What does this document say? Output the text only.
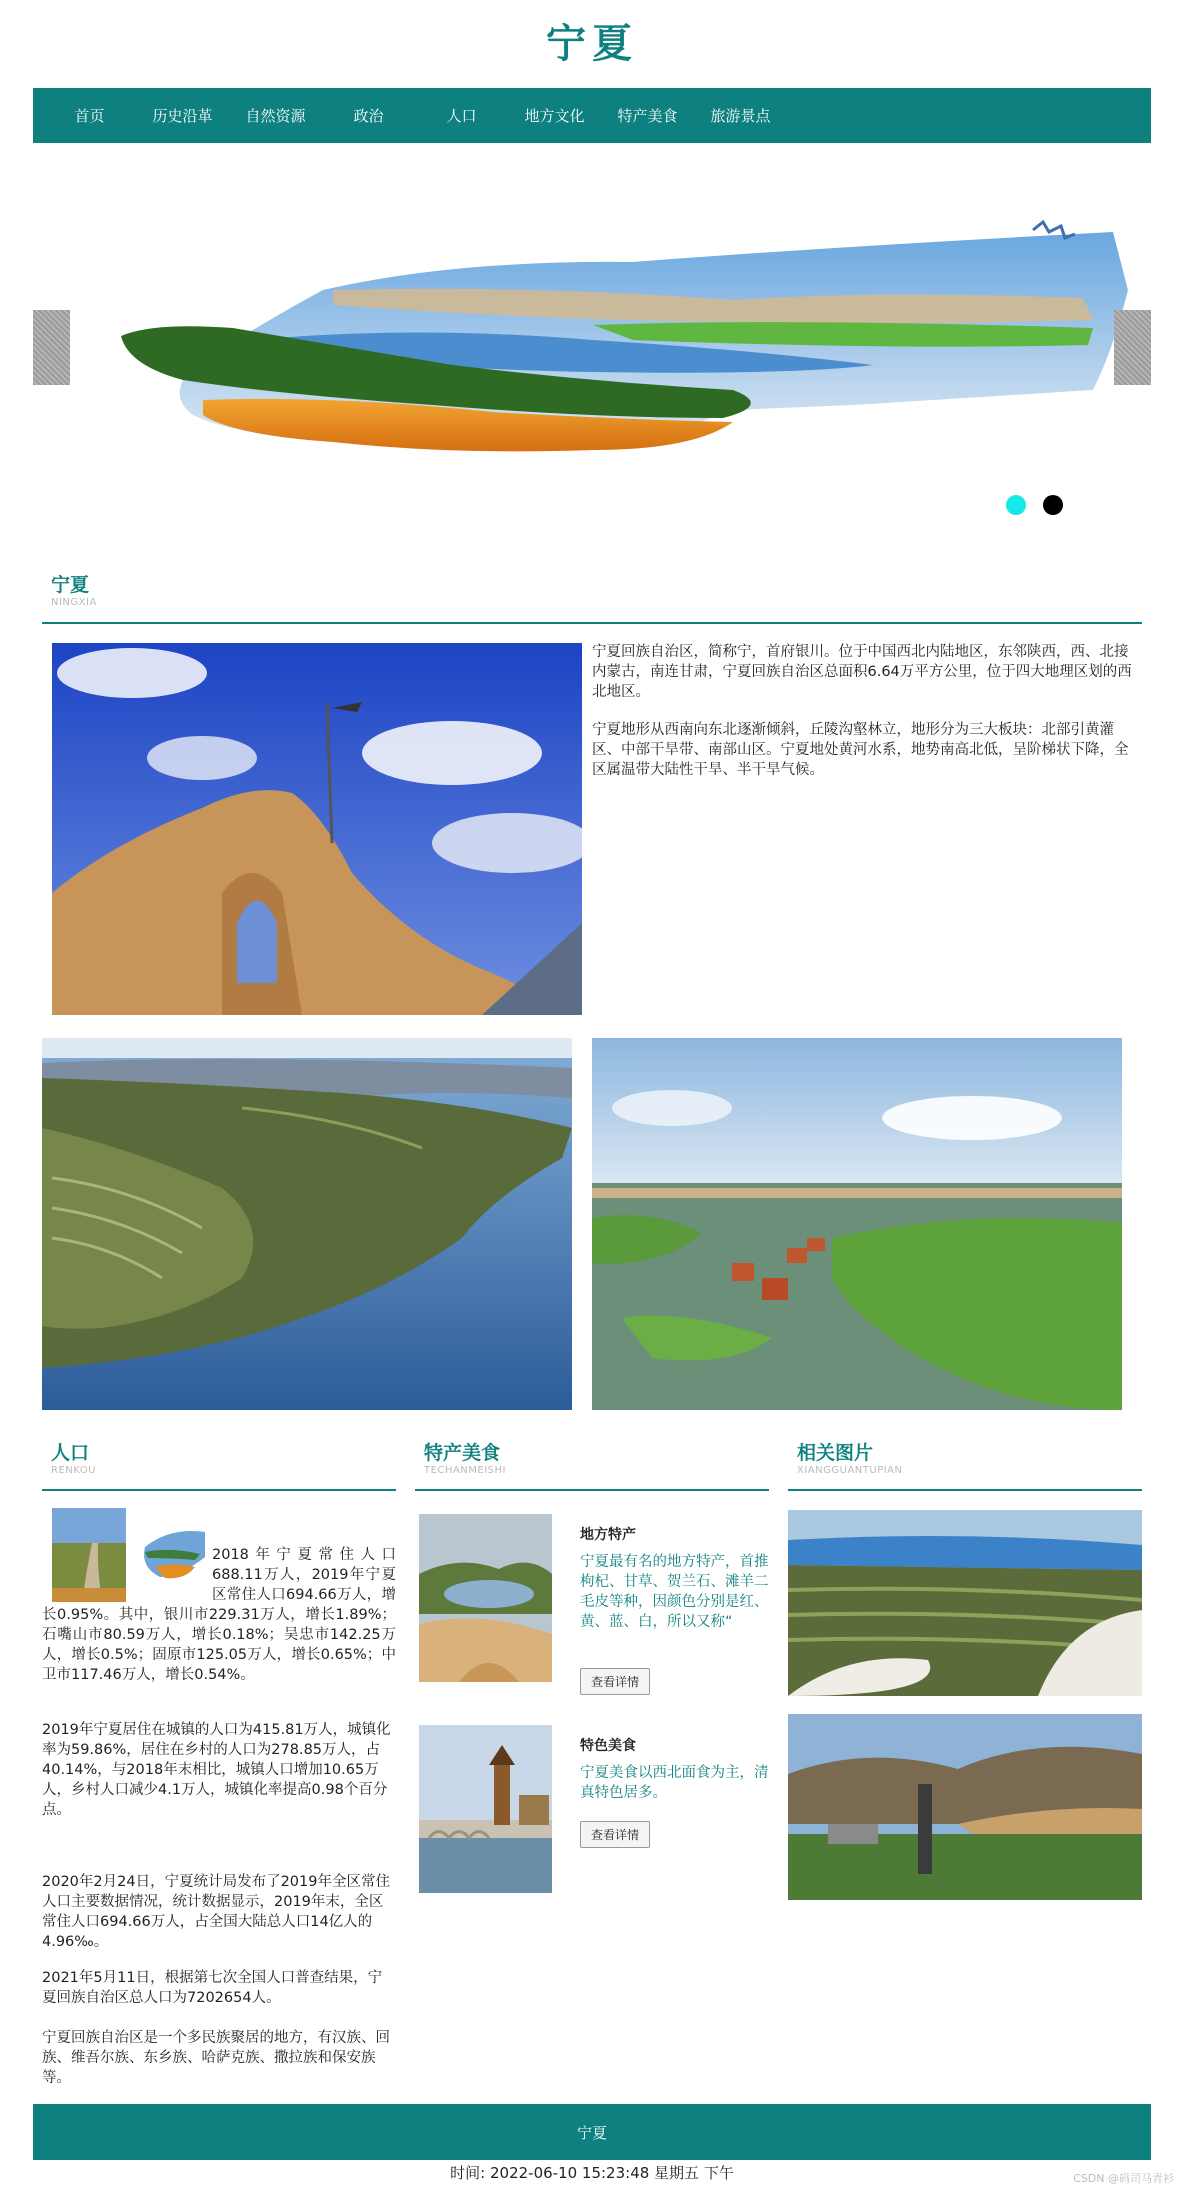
宁夏
首页	历史沿革	自然资源	政治	人口	地方文化	特产美食	旅游景点
宁夏
NINGXIA
宁夏回族自治区，简称宁，首府银川。位于中国西北内陆地区，东邻陕西，西、北接内蒙古，南连甘肃，宁夏回族自治区总面积6.64万平方公里，位于四大地理区划的西北地区。
宁夏地形从西南向东北逐渐倾斜，丘陵沟壑林立，地形分为三大板块：北部引黄灌区、中部干旱带、南部山区。宁夏地处黄河水系，地势南高北低，呈阶梯状下降，全区属温带大陆性干旱、半干旱气候。
人口
RENKOU
2018年宁夏常住人口688.11万人，2019年宁夏区常住人口694.66万人，增长0.95%。其中，银川市229.31万人，增长1.89%；石嘴山市80.59万人，增长0.18%；吴忠市142.25万人，增长0.5%；固原市125.05万人，增长0.65%；中卫市117.46万人，增长0.54%。
2019年宁夏居住在城镇的人口为415.81万人，城镇化率为59.86%，居住在乡村的人口为278.85万人，占40.14%，与2018年末相比，城镇人口增加10.65万人，乡村人口减少4.1万人，城镇化率提高0.98个百分点。
2020年2月24日，宁夏统计局发布了2019年全区常住人口主要数据情况，统计数据显示，2019年末，全区常住人口694.66万人，占全国大陆总人口14亿人的4.96‰。
2021年5月11日，根据第七次全国人口普查结果，宁夏回族自治区总人口为7202654人。
宁夏回族自治区是一个多民族聚居的地方，有汉族、回族、维吾尔族、东乡族、哈萨克族、撒拉族和保安族等。
特产美食
TECHANMEISHI
地方特产
宁夏最有名的地方特产，首推枸杞、甘草、贺兰石、滩羊二毛皮等种，因颜色分别是红、黄、蓝、白，所以又称“
查看详情
特色美食
宁夏美食以西北面食为主，清真特色居多。
查看详情
相关图片
XIANGGUANTUPIAN
宁夏
时间: 2022-06-10 15:23:48 星期五 下午	CSDN @码司马青衫
